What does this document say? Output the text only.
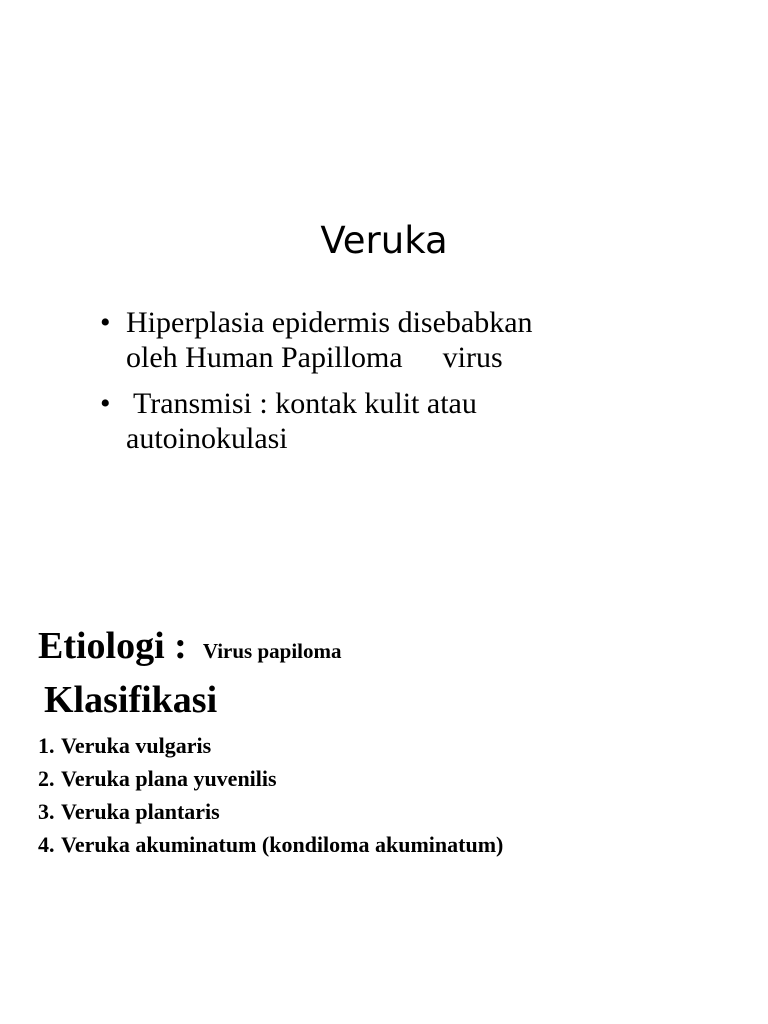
Veruka
• Hiperplasia epidermis disebabkan
oleh Human Papilloma virus
• Transmisi : kontak kulit atau
autoinokulasi
Etiologi : Virus papiloma
Klasifikasi
1. Veruka vulgaris
2. Veruka plana yuvenilis
3. Veruka plantaris
4. Veruka akuminatum (kondiloma akuminatum)
